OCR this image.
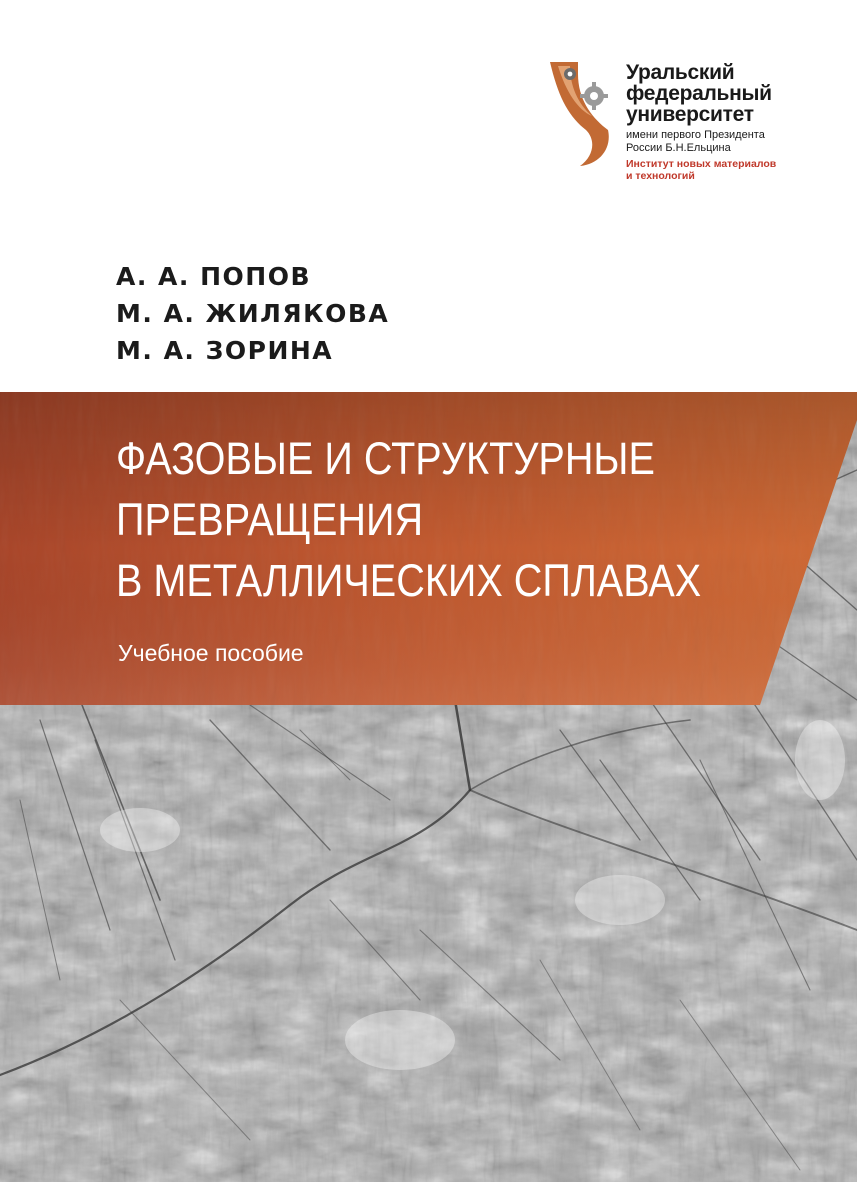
Уральский
федеральный
университет
имени первого Президента
России Б.Н.Ельцина
Институт новых материалов
и технологий
А. А. ПОПОВ
М. А. ЖИЛЯКОВА
М. А. ЗОРИНА
ФАЗОВЫЕ И СТРУКТУРНЫЕ
ПРЕВРАЩЕНИЯ
В МЕТАЛЛИЧЕСКИХ СПЛАВАХ
Учебное пособие
